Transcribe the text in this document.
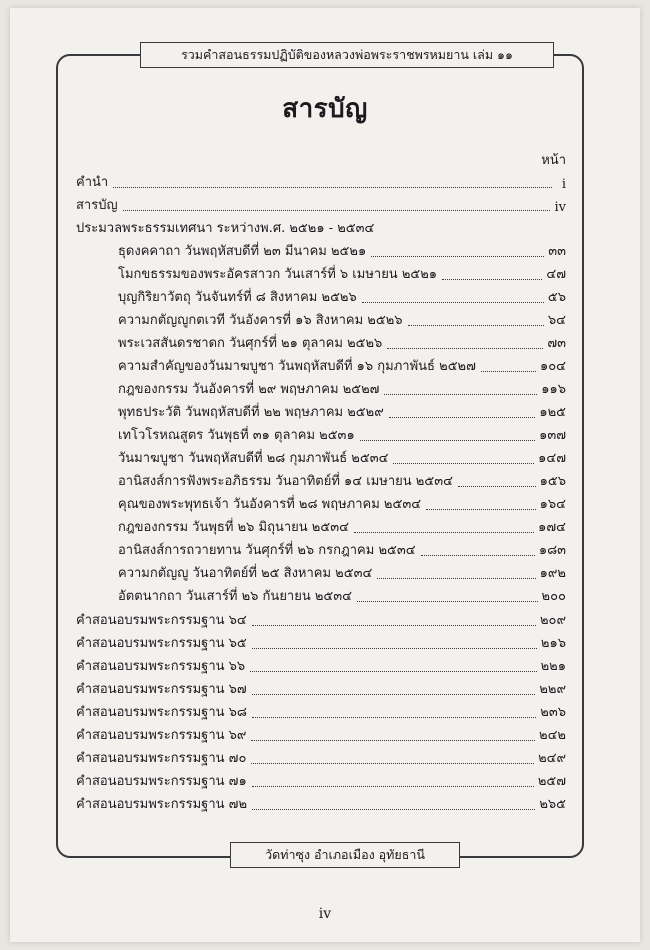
รวมคำสอนธรรมปฏิบัติของหลวงพ่อพระราชพรหมยาน เล่ม ๑๑
สารบัญ
หน้า
คำนำ	i
สารบัญ	iv
ประมวลพระธรรมเทศนา ระหว่างพ.ศ. ๒๕๒๑ - ๒๕๓๔
ธุดงคคาถา วันพฤหัสบดีที่ ๒๓ มีนาคม ๒๕๒๑	๓๓
โมกขธรรมของพระอัครสาวก วันเสาร์ที่ ๖ เมษายน ๒๕๒๑	๔๗
บุญกิริยาวัตถุ วันจันทร์ที่ ๘ สิงหาคม ๒๕๒๖	๕๖
ความกตัญญูกตเวที วันอังคารที่ ๑๖ สิงหาคม ๒๕๒๖	๖๔
พระเวสสันดรชาดก วันศุกร์ที่ ๒๑ ตุลาคม ๒๕๒๖	๗๓
ความสำคัญของวันมาฆบูชา วันพฤหัสบดีที่ ๑๖ กุมภาพันธ์ ๒๕๒๗	๑๐๔
กฎของกรรม วันอังคารที่ ๒๙ พฤษภาคม ๒๕๒๗	๑๑๖
พุทธประวัติ วันพฤหัสบดีที่ ๒๒ พฤษภาคม ๒๕๒๙	๑๒๕
เทโวโรหณสูตร วันพุธที่ ๓๑ ตุลาคม ๒๕๓๑	๑๓๗
วันมาฆบูชา วันพฤหัสบดีที่ ๒๘ กุมภาพันธ์ ๒๕๓๔	๑๔๗
อานิสงส์การฟังพระอภิธรรม วันอาทิตย์ที่ ๑๔ เมษายน ๒๕๓๔	๑๕๖
คุณของพระพุทธเจ้า วันอังคารที่ ๒๘ พฤษภาคม ๒๕๓๔	๑๖๔
กฎของกรรม วันพุธที่ ๒๖ มิถุนายน ๒๕๓๔	๑๗๔
อานิสงส์การถวายทาน วันศุกร์ที่ ๒๖ กรกฎาคม ๒๕๓๔	๑๘๓
ความกตัญญู วันอาทิตย์ที่ ๒๕ สิงหาคม ๒๕๓๔	๑๙๒
อัตตนากถา วันเสาร์ที่ ๒๖ กันยายน ๒๕๓๔	๒๐๐
คำสอนอบรมพระกรรมฐาน ๖๔	๒๐๙
คำสอนอบรมพระกรรมฐาน ๖๕	๒๑๖
คำสอนอบรมพระกรรมฐาน ๖๖	๒๒๑
คำสอนอบรมพระกรรมฐาน ๖๗	๒๒๙
คำสอนอบรมพระกรรมฐาน ๖๘	๒๓๖
คำสอนอบรมพระกรรมฐาน ๖๙	๒๔๒
คำสอนอบรมพระกรรมฐาน ๗๐	๒๔๙
คำสอนอบรมพระกรรมฐาน ๗๑	๒๕๗
คำสอนอบรมพระกรรมฐาน ๗๒	๒๖๕
วัดท่าซุง อำเภอเมือง อุทัยธานี
iv
